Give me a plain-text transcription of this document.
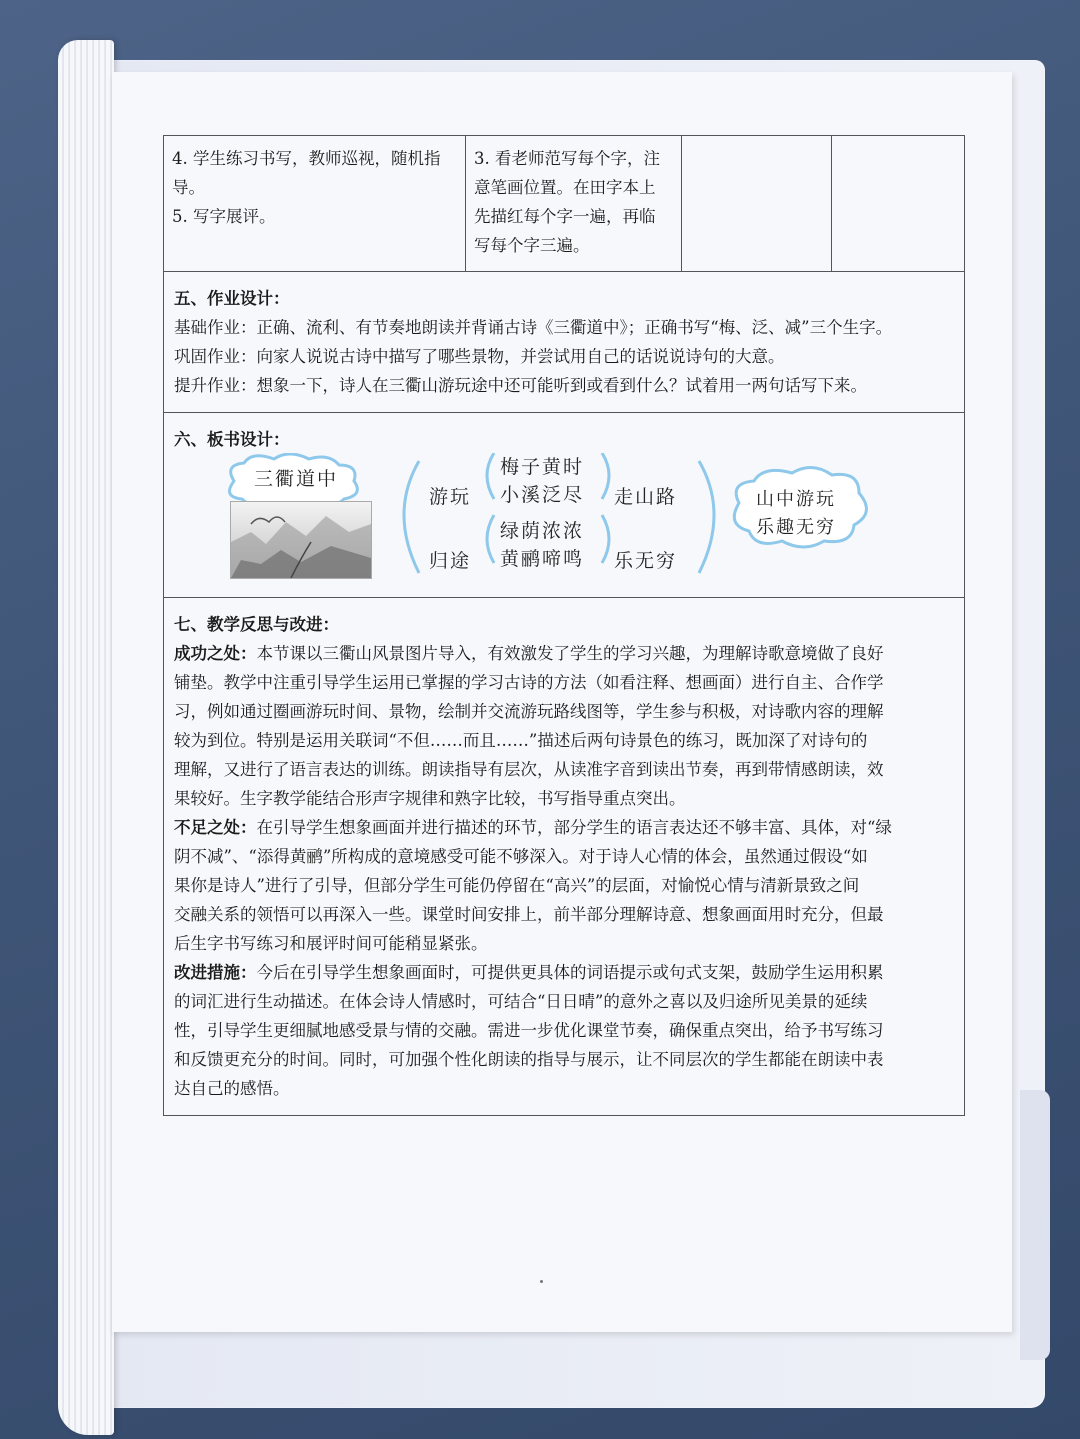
4. 学生练习书写，教师巡视，随机指
导。
5. 写字展评。
3. 看老师范写每个字，注
意笔画位置。在田字本上
先描红每个字一遍，再临
写每个字三遍。
五、作业设计：
基础作业：正确、流利、有节奏地朗读并背诵古诗《三衢道中》；正确书写“梅、泛、减”三个生字。
巩固作业：向家人说说古诗中描写了哪些景物，并尝试用自己的话说说诗句的大意。
提升作业：想象一下，诗人在三衢山游玩途中还可能听到或看到什么？试着用一两句话写下来。
六、板书设计：
三衢道中
游玩
归途
梅子黄时
小溪泛尽
绿荫浓浓
黄鹂啼鸣
走山路
乐无穷
山中游玩
乐趣无穷
七、教学反思与改进：
成功之处：本节课以三衢山风景图片导入，有效激发了学生的学习兴趣，为理解诗歌意境做了良好
铺垫。教学中注重引导学生运用已掌握的学习古诗的方法（如看注释、想画面）进行自主、合作学
习，例如通过圈画游玩时间、景物，绘制并交流游玩路线图等，学生参与积极，对诗歌内容的理解
较为到位。特别是运用关联词“不但……而且……”描述后两句诗景色的练习，既加深了对诗句的
理解，又进行了语言表达的训练。朗读指导有层次，从读准字音到读出节奏，再到带情感朗读，效
果较好。生字教学能结合形声字规律和熟字比较，书写指导重点突出。
不足之处：在引导学生想象画面并进行描述的环节，部分学生的语言表达还不够丰富、具体，对“绿
阴不减”、“添得黄鹂”所构成的意境感受可能不够深入。对于诗人心情的体会，虽然通过假设“如
果你是诗人”进行了引导，但部分学生可能仍停留在“高兴”的层面，对愉悦心情与清新景致之间
交融关系的领悟可以再深入一些。课堂时间安排上，前半部分理解诗意、想象画面用时充分，但最
后生字书写练习和展评时间可能稍显紧张。
改进措施：今后在引导学生想象画面时，可提供更具体的词语提示或句式支架，鼓励学生运用积累
的词汇进行生动描述。在体会诗人情感时，可结合“日日晴”的意外之喜以及归途所见美景的延续
性，引导学生更细腻地感受景与情的交融。需进一步优化课堂节奏，确保重点突出，给予书写练习
和反馈更充分的时间。同时，可加强个性化朗读的指导与展示，让不同层次的学生都能在朗读中表
达自己的感悟。
